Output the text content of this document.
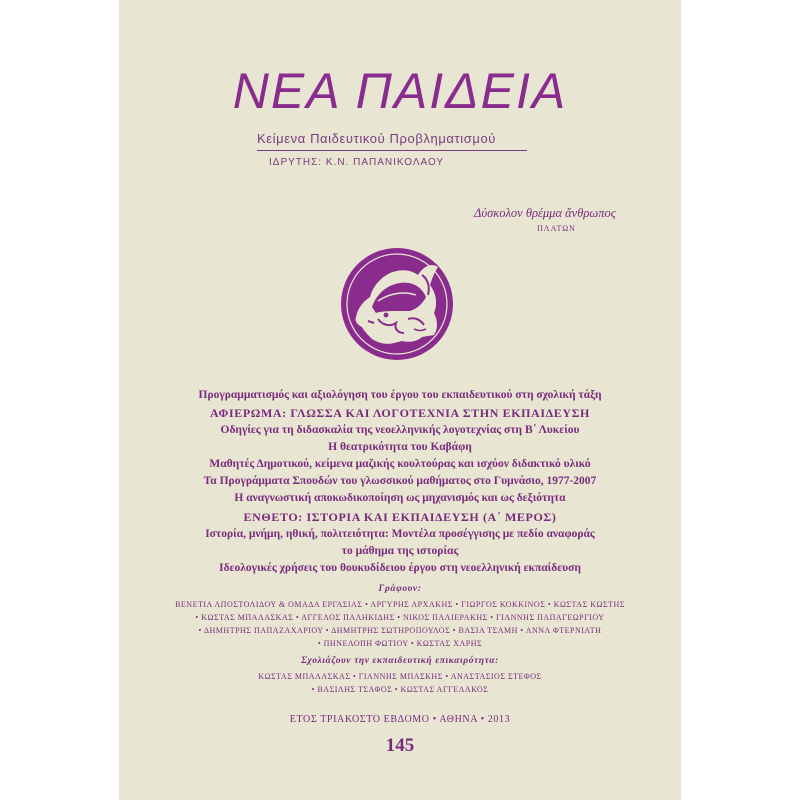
ΝΕΑ ΠΑΙΔΕΙΑ
Κείμενα Παιδευτικού Προβληματισμού
ΙΔΡΥΤΗΣ: Κ.Ν. ΠΑΠΑΝΙΚΟΛΑΟΥ
Δύσκολον θρέμμα ἄνθρωπος
ΠΛΑΤΩΝ
Προγραμματισμός και αξιολόγηση του έργου του εκπαιδευτικού στη σχολική τάξη
ΑΦΙΕΡΩΜΑ: ΓΛΩΣΣΑ ΚΑΙ ΛΟΓΟΤΕΧΝΙΑ ΣΤΗΝ ΕΚΠΑΙΔΕΥΣΗ
Οδηγίες για τη διδασκαλία της νεοελληνικής λογοτεχνίας στη Β΄ Λυκείου
Η θεατρικότητα του Καβάφη
Μαθητές Δημοτικού, κείμενα μαζικής κουλτούρας και ισχύον διδακτικό υλικό
Τα Προγράμματα Σπουδών του γλωσσικού μαθήματος στο Γυμνάσιο, 1977-2007
Η αναγνωστική αποκωδικοποίηση ως μηχανισμός και ως δεξιότητα
ΕΝΘΕΤΟ: ΙΣΤΟΡΙΑ ΚΑΙ ΕΚΠΑΙΔΕΥΣΗ (Α΄ ΜΕΡΟΣ)
Ιστορία, μνήμη, ηθική, πολιτειότητα: Μοντέλα προσέγγισης με πεδίο αναφοράς
το μάθημα της ιστορίας
Ιδεολογικές χρήσεις του θουκυδίδειου έργου στη νεοελληνική εκπαίδευση
Γράφουν:
ΒΕΝΕΤΙΑ ΑΠΟΣΤΟΛΙΔΟΥ & ΟΜΑΔΑ ΕΡΓΑΣΙΑΣ • ΑΡΓΥΡΗΣ ΑΡΧΑΚΗΣ • ΓΙΩΡΓΟΣ ΚΟΚΚΙΝΟΣ • ΚΩΣΤΑΣ ΚΩΣΤΗΣ
• ΚΩΣΤΑΣ ΜΠΑΛΑΣΚΑΣ • ΑΓΓΕΛΟΣ ΠΑΛΗΚΙΔΗΣ • ΝΙΚΟΣ ΠΑΛΙΕΡΑΚΗΣ • ΓΙΑΝΝΗΣ ΠΑΠΑΓΕΩΡΓΙΟΥ
• ΔΗΜΗΤΡΗΣ ΠΑΠΑΖΑΧΑΡΙΟΥ • ΔΗΜΗΤΡΗΣ ΣΩΤΗΡΟΠΟΥΛΟΣ • ΒΑΣΙΑ ΤΣΑΜΗ • ΑΝΝΑ ΦΤΕΡΝΙΑΤΗ
• ΠΗΝΕΛΟΠΗ ΦΩΤΙΟΥ • ΚΩΣΤΑΣ ΧΑΡΗΣ
Σχολιάζουν την εκπαιδευτική επικαιρότητα:
ΚΩΣΤΑΣ ΜΠΑΛΑΣΚΑΣ • ΓΙΑΝΝΗΣ ΜΠΑΣΚΗΣ • ΑΝΑΣΤΑΣΙΟΣ ΣΤΕΦΟΣ
• ΒΑΣΙΛΗΣ ΤΣΑΦΟΣ • ΚΩΣΤΑΣ ΑΓΓΕΛΑΚΟΣ
ΕΤΟΣ ΤΡΙΑΚΟΣΤΟ ΕΒΔΟΜΟ • ΑΘΗΝΑ • 2013
145
